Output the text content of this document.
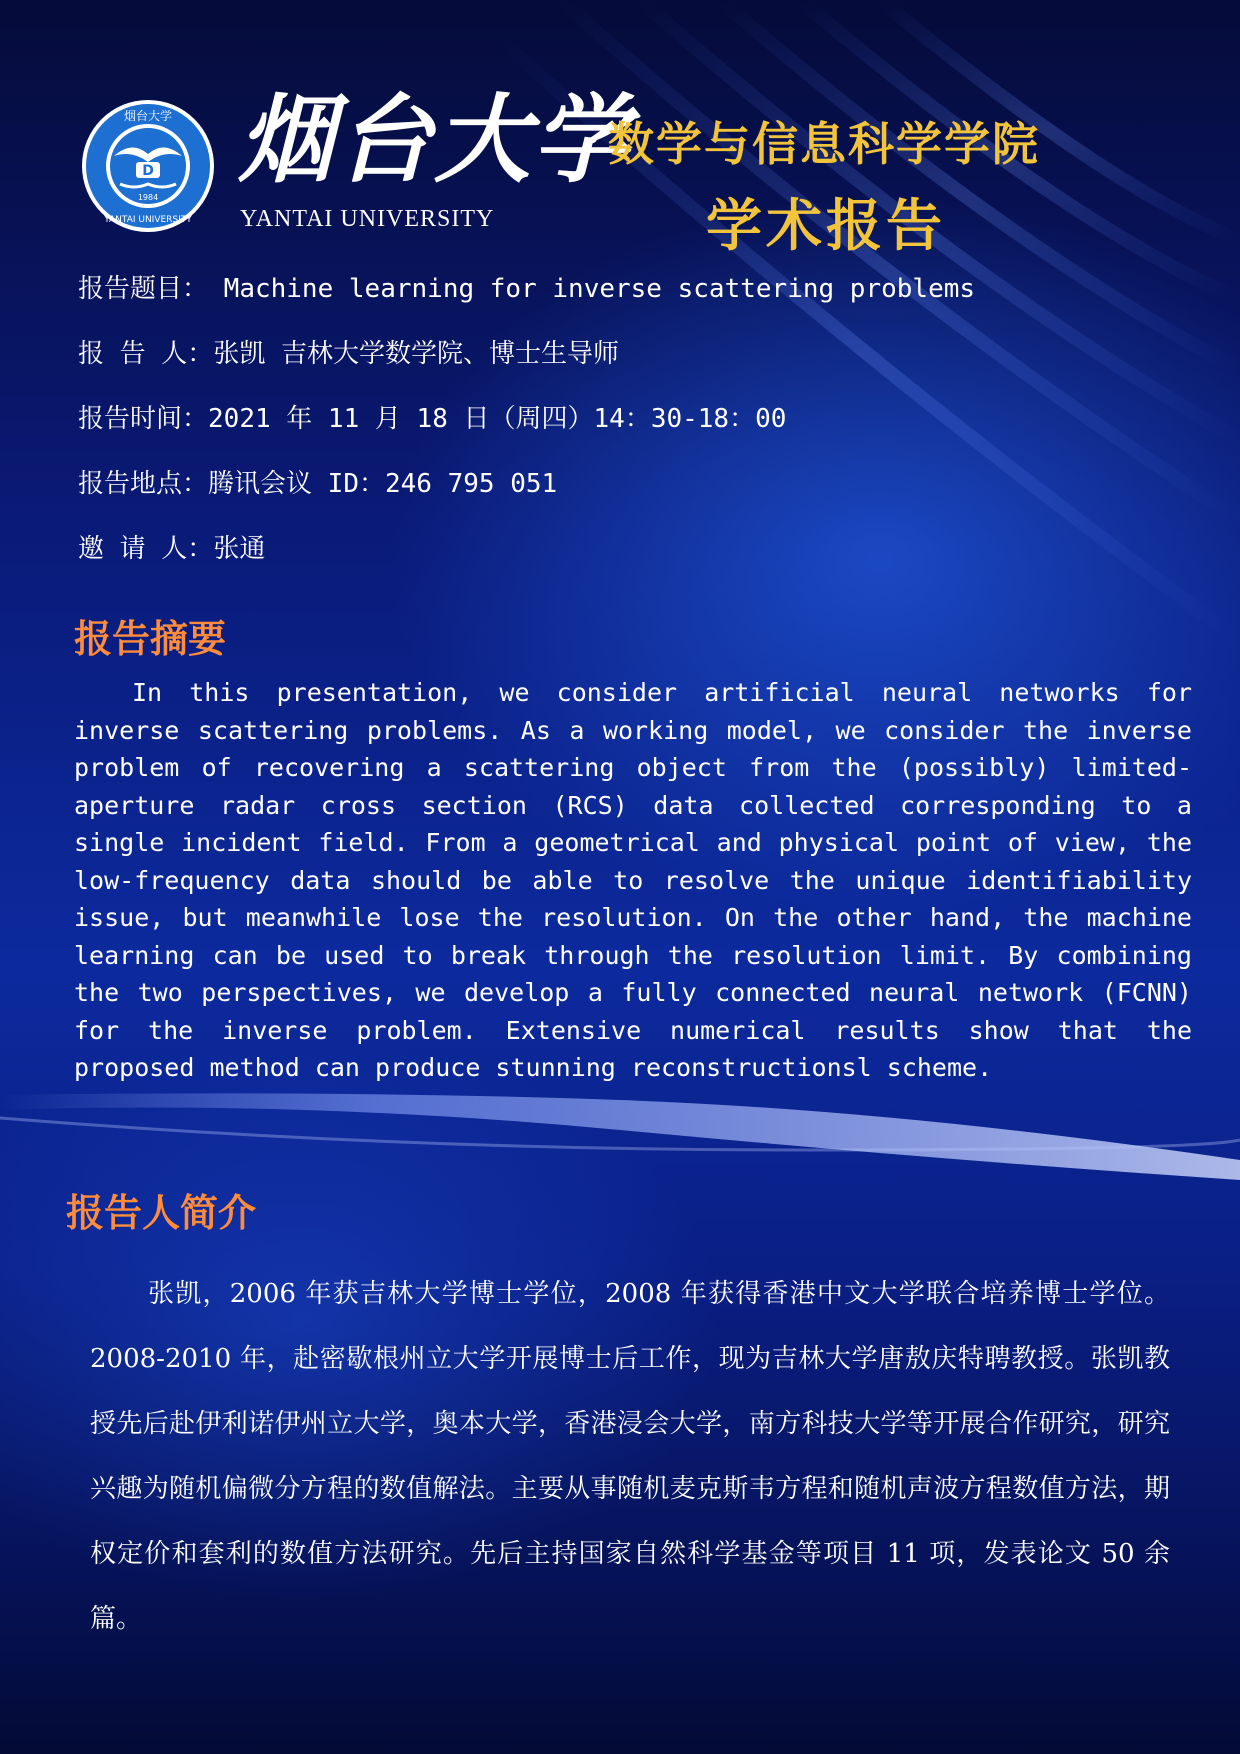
D
1984
烟台大学
YANTAI UNIVERSITY
烟台大学
YANTAI UNIVERSITY
数学与信息科学学院
学术报告
报告题目： Machine learning for inverse scattering problems
报 告 人：张凯 吉林大学数学院、博士生导师
报告时间：2021 年 11 月 18 日（周四）14：30-18：00
报告地点：腾讯会议 ID：246 795 051
邀 请 人：张通
报告摘要
In this presentation, we consider artificial neural networks for inverse scattering problems. As a working model, we consider the inverse problem of recovering a scattering object from the (possibly) limited-aperture radar cross section (RCS) data collected corresponding to a single incident field. From a geometrical and physical point of view, the low-frequency data should be able to resolve the unique identifiability issue, but meanwhile lose the resolution. On the other hand, the machine learning can be used to break through the resolution limit. By combining the two perspectives, we develop a fully connected neural network (FCNN) for the inverse problem. Extensive numerical results show that the proposed method can produce stunning reconstructionsl scheme.
报告人简介
张凯，2006 年获吉林大学博士学位，2008 年获得香港中文大学联合培养博士学位。2008-2010 年，赴密歇根州立大学开展博士后工作，现为吉林大学唐敖庆特聘教授。张凯教授先后赴伊利诺伊州立大学，奥本大学，香港浸会大学，南方科技大学等开展合作研究，研究兴趣为随机偏微分方程的数值解法。主要从事随机麦克斯韦方程和随机声波方程数值方法，期权定价和套利的数值方法研究。先后主持国家自然科学基金等项目 11 项，发表论文 50 余篇。
